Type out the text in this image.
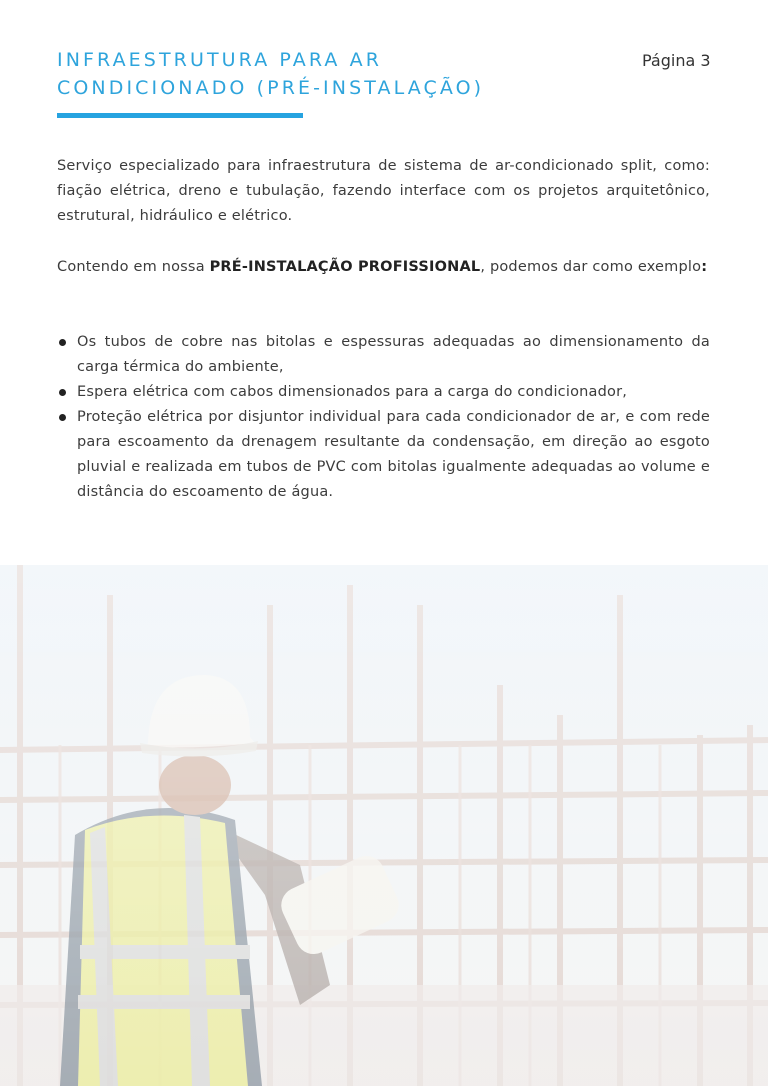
INFRAESTRUTURA PARA AR
CONDICIONADO (PRÉ-INSTALAÇÃO)
Página 3

Serviço especializado para infraestrutura de sistema de ar-condicionado split, como: fiação elétrica, dreno e tubulação, fazendo interface com os projetos arquitetônico, estrutural, hidráulico e elétrico.

Contendo em nossa PRÉ-INSTALAÇÃO PROFISSIONAL, podemos dar como exemplo:

Os tubos de cobre nas bitolas e espessuras adequadas ao dimensionamento da carga térmica do ambiente,
Espera elétrica com cabos dimensionados para a carga do condicionador,
Proteção elétrica por disjuntor individual para cada condicionador de ar, e com rede para escoamento da drenagem resultante da condensação, em direção ao esgoto pluvial e realizada em tubos de PVC com bitolas igualmente adequadas ao volume e distância do escoamento de água.
